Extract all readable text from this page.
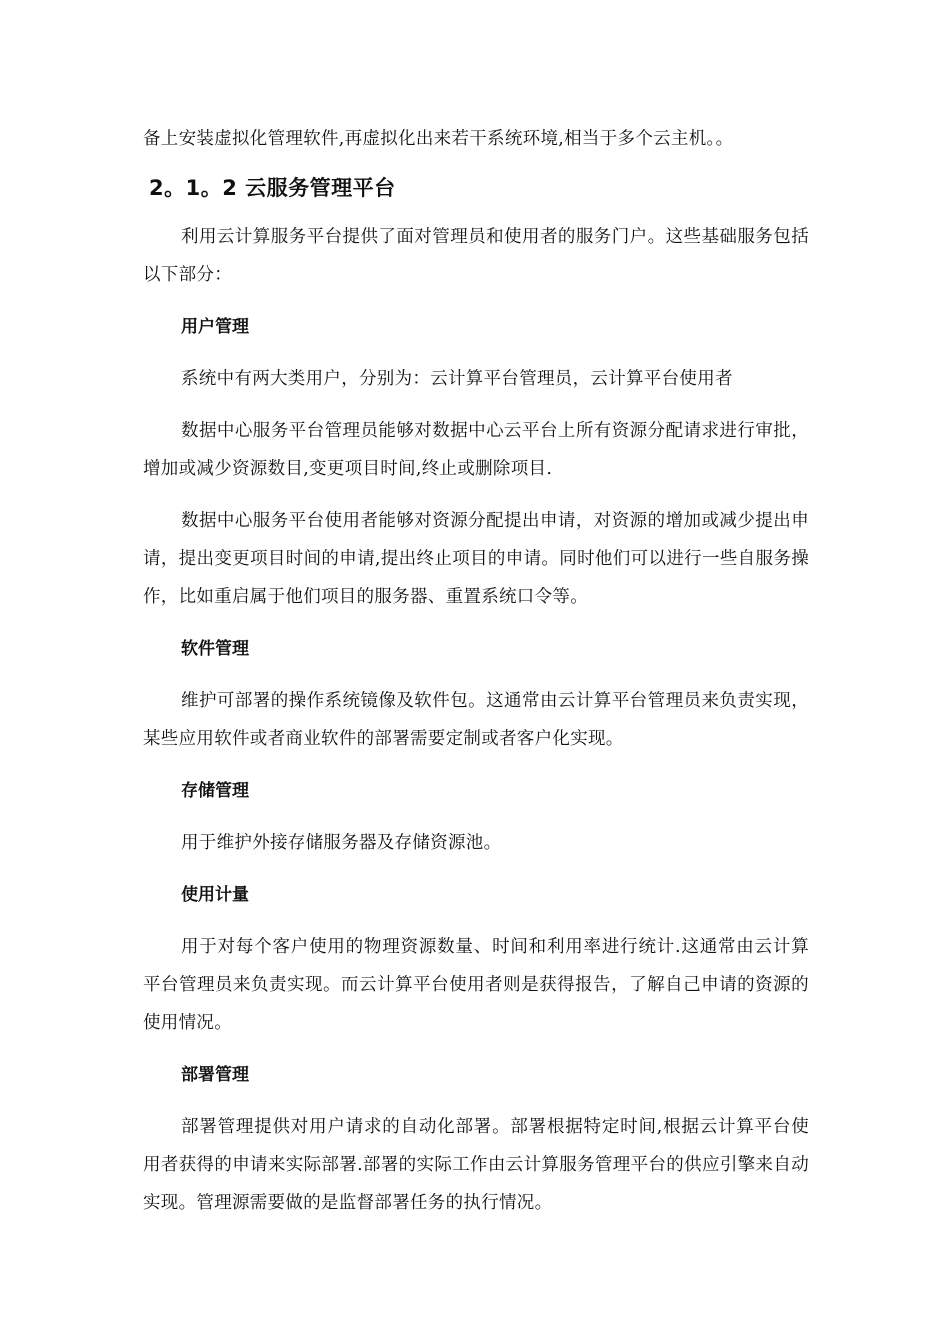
备上安装虚拟化管理软件,再虚拟化出来若干系统环境,相当于多个云主机。。

2。1。2 云服务管理平台

利用云计算服务平台提供了面对管理员和使用者的服务门户。这些基础服务包括以下部分：

用户管理

系统中有两大类用户，分别为：云计算平台管理员，云计算平台使用者

数据中心服务平台管理员能够对数据中心云平台上所有资源分配请求进行审批，增加或减少资源数目,变更项目时间,终止或删除项目.

数据中心服务平台使用者能够对资源分配提出申请，对资源的增加或减少提出申请，提出变更项目时间的申请,提出终止项目的申请。同时他们可以进行一些自服务操作，比如重启属于他们项目的服务器、重置系统口令等。

软件管理

维护可部署的操作系统镜像及软件包。这通常由云计算平台管理员来负责实现，某些应用软件或者商业软件的部署需要定制或者客户化实现。

存储管理

用于维护外接存储服务器及存储资源池。

使用计量

用于对每个客户使用的物理资源数量、时间和利用率进行统计.这通常由云计算平台管理员来负责实现。而云计算平台使用者则是获得报告，了解自己申请的资源的使用情况。

部署管理

部署管理提供对用户请求的自动化部署。部署根据特定时间,根据云计算平台使用者获得的申请来实际部署.部署的实际工作由云计算服务管理平台的供应引擎来自动实现。管理源需要做的是监督部署任务的执行情况。
